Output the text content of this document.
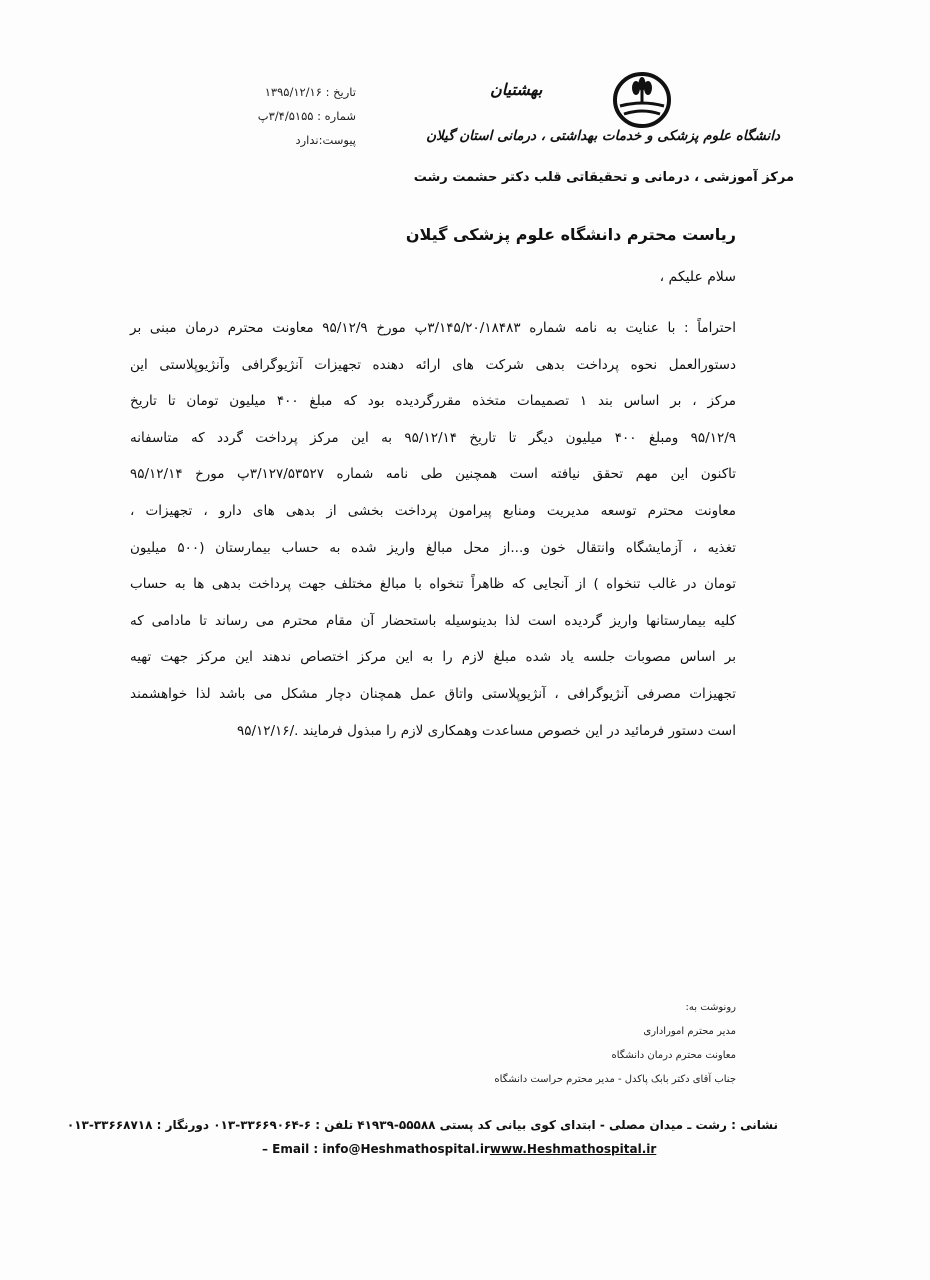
تاریخ : ۱۳۹۵/۱۲/۱۶
شماره : ۳/۴/۵۱۵۵پ
پیوست:ندارد
بهشتیان
دانشگاه علوم پزشکی و خدمات بهداشتی ، درمانی استان گیلان
مرکز آموزشی ، درمانی و تحقیقاتی قلب دکتر حشمت رشت
ریاست محترم دانشگاه علوم پزشکی گیلان
سلام علیکم ،
احتراماً : با عنایت به نامه شماره ۳/۱۴۵/۲۰/۱۸۴۸۳پ مورخ ۹۵/۱۲/۹ معاونت محترم درمان مبنی بر
دستورالعمل نحوه پرداخت بدهی شرکت های ارائه دهنده تجهیزات آنژیوگرافی وآنژیوپلاستی این
مرکز ، بر اساس بند ۱ تصمیمات متخذه مقررگردیده بود که مبلغ ۴۰۰ میلیون تومان تا تاریخ
۹۵/۱۲/۹ ومبلغ ۴۰۰ میلیون دیگر تا تاریخ ۹۵/۱۲/۱۴ به این مرکز پرداخت گردد که متاسفانه
تاکنون این مهم تحقق نیافته است همچنین طی نامه شماره ۳/۱۲۷/۵۳۵۲۷پ مورخ ۹۵/۱۲/۱۴
معاونت محترم توسعه مدیریت ومنابع پیرامون پرداخت بخشی از بدهی های دارو ، تجهیزات ،
تغذیه ، آزمایشگاه وانتقال خون و...از محل مبالغ واریز شده به حساب بیمارستان (۵۰۰ میلیون
تومان در غالب تنخواه ) از آنجایی که ظاهراً تنخواه با مبالغ مختلف جهت پرداخت بدهی ها به حساب
کلیه بیمارستانها واریز گردیده است لذا بدینوسیله باستحضار آن مقام محترم می رساند تا مادامی که
بر اساس مصوبات جلسه یاد شده مبلغ لازم را به این مرکز اختصاص ندهند این مرکز جهت تهیه
تجهیزات مصرفی آنژیوگرافی ، آنژیوپلاستی واتاق عمل همچنان دچار مشکل می باشد لذا خواهشمند
است دستور فرمائید در این خصوص مساعدت وهمکاری لازم را مبذول فرمایند ./۹۵/۱۲/۱۶
رونوشت به:
مدیر محترم اموراداری
معاونت محترم درمان دانشگاه
جناب آقای دکتر بابک پاکدل - مدیر محترم حراست دانشگاه
نشانی : رشت ـ میدان مصلی - ابتدای کوی بیانی کد پستی ۵۵۵۸۸-۴۱۹۳۹ تلفن : ۶-۳۳۶۶۹۰۶۴-۰۱۳ دورنگار : ۳۳۶۶۸۷۱۸-۰۱۳
– Email : info@Heshmathospital.irwww.Heshmathospital.ir
